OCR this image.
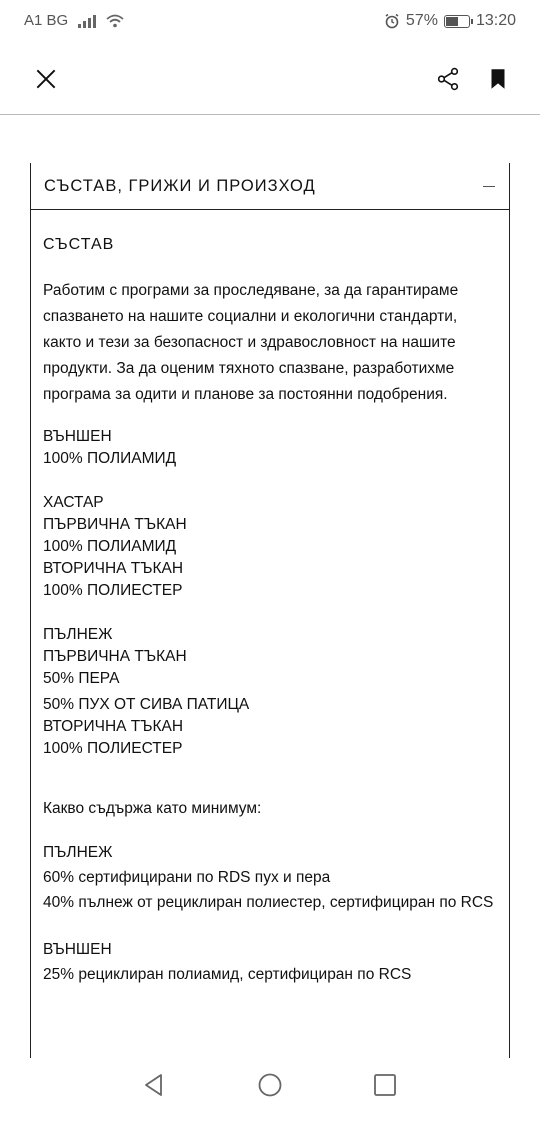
A1 BG	57% 13:20
СЪСТАВ, ГРИЖИ И ПРОИЗХОД
СЪСТАВ

Работим с програми за проследяване, за да гарантираме спазването на нашите социални и екологични стандарти, както и тези за безопасност и здравословност на нашите продукти. За да оценим тяхното спазване, разработихме програма за одити и планове за постоянни подобрения.

ВЪНШЕН
100% ПОЛИАМИД
ХАСТАР
ПЪРВИЧНА ТЪКАН
100% ПОЛИАМИД
ВТОРИЧНА ТЪКАН
100% ПОЛИЕСТЕР
ПЪЛНЕЖ
ПЪРВИЧНА ТЪКАН
50% ПЕРА
50% ПУХ ОТ СИВА ПАТИЦА
ВТОРИЧНА ТЪКАН
100% ПОЛИЕСТЕР
Какво съдържа като минимум:
ПЪЛНЕЖ
60% сертифицирани по RDS пух и пера
40% пълнеж от рециклиран полиестер, сертифициран по RCS
ВЪНШЕН
25% рециклиран полиамид, сертифициран по RCS
